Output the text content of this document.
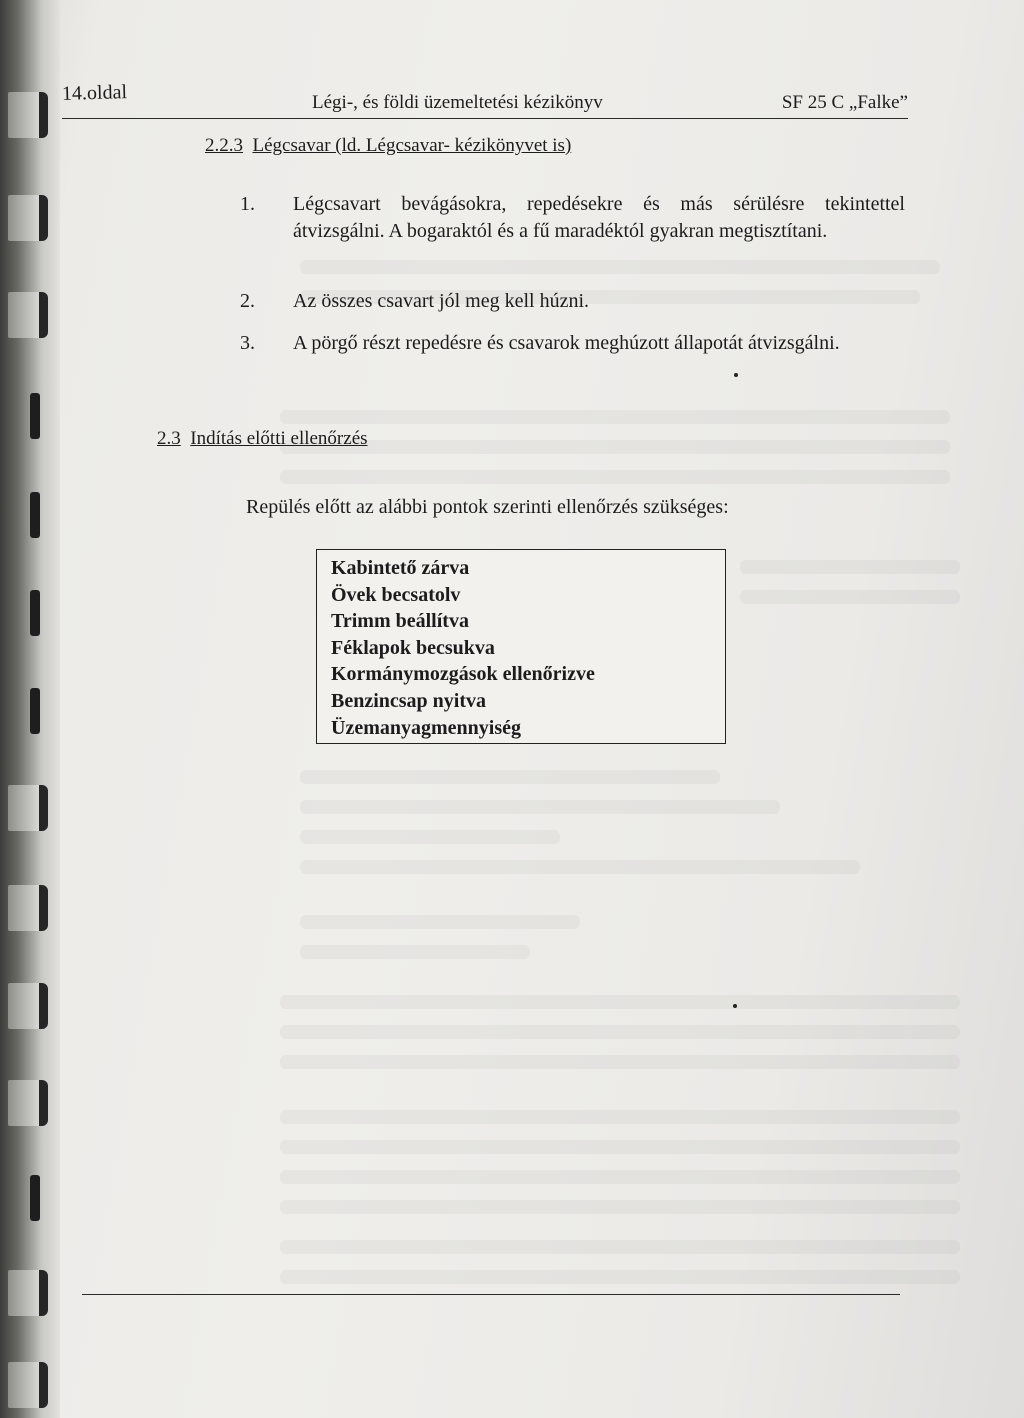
14.oldal	Légi-, és földi üzemeltetési kézikönyv	SF 25 C „Falke”
2.2.3 Légcsavar (ld. Légcsavar- kézikönyvet is)
1. Légcsavart bevágásokra, repedésekre és más sérülésre tekintettel átvizsgálni. A bogaraktól és a fű maradéktól gyakran megtisztítani.
2. Az összes csavart jól meg kell húzni.
3. A pörgő részt repedésre és csavarok meghúzott állapotát átvizsgálni.
2.3 Indítás előtti ellenőrzés
Repülés előtt az alábbi pontok szerinti ellenőrzés szükséges:
Kabintető zárva
Övek becsatolv
Trimm beállítva
Féklapok becsukva
Kormánymozgások ellenőrizve
Benzincsap nyitva
Üzemanyagmennyiség
